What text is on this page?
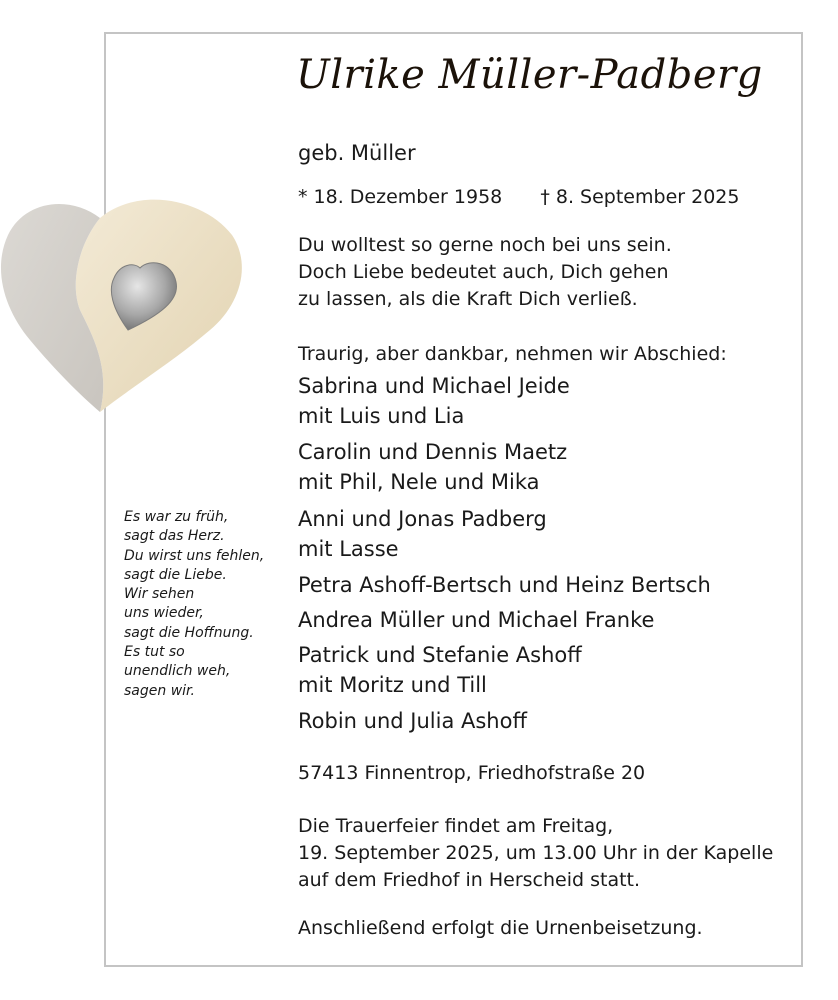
Ulrike Müller-Padberg
geb. Müller
* 18. Dezember 1958 † 8. September 2025
Du wolltest so gerne noch bei uns sein.
Doch Liebe bedeutet auch, Dich gehen
zu lassen, als die Kraft Dich verließ.
Traurig, aber dankbar, nehmen wir Abschied:
Sabrina und Michael Jeide
mit Luis und Lia
Carolin und Dennis Maetz
mit Phil, Nele und Mika
Anni und Jonas Padberg
mit Lasse
Petra Ashoff-Bertsch und Heinz Bertsch
Andrea Müller und Michael Franke
Patrick und Stefanie Ashoff
mit Moritz und Till
Robin und Julia Ashoff
57413 Finnentrop, Friedhofstraße 20
Die Trauerfeier findet am Freitag,
19. September 2025, um 13.00 Uhr in der Kapelle
auf dem Friedhof in Herscheid statt.
Anschließend erfolgt die Urnenbeisetzung.
Es war zu früh,
sagt das Herz.
Du wirst uns fehlen,
sagt die Liebe.
Wir sehen
uns wieder,
sagt die Hoffnung.
Es tut so
unendlich weh,
sagen wir.
